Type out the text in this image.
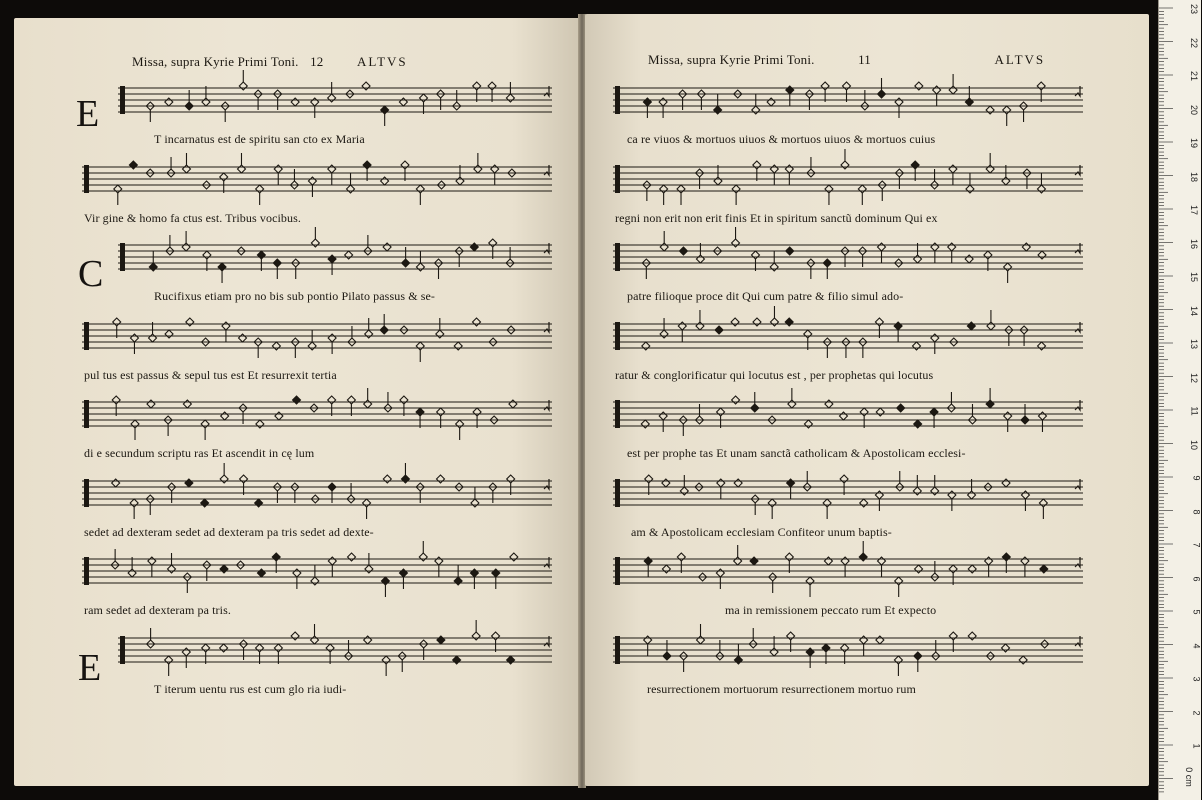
Missa, supra Kyrie Primi Toni. 12	ALTVS
T incarnatus est de spiritu san cto ex Maria
Vir gine & homo fa ctus est. Tribus vocibus.
Rucifixus etiam pro no bis sub pontio Pilato passus & se-
pul tus est passus & sepul tus est Et resurrexit tertia
di e secundum scriptu ras Et ascendit in cę lum
sedet ad dexteram sedet ad dexteram pa tris sedet ad dexte-
ram sedet ad dexteram pa tris.
T iterum uentu rus est cum glo ria iudi-
E
C
E
Missa, supra Kyrie Primi Toni.	11	ALTVS
ca re viuos & mortuos uiuos & mortuos uiuos & mortuos cuius
regni non erit non erit finis Et in spiritum sanctũ dominum Qui ex
patre filioque proce dit Qui cum patre & filio simul ado-
ratur & conglorificatur qui locutus est , per prophetas qui locutus
est per prophe tas Et unam sanctã catholicam & Apostolicam ecclesi-
am & Apostolicam ecclesiam Confiteor unum baptis-
ma in remissionem peccato rum Et expecto
resurrectionem mortuorum resurrectionem mortuo rum
23
22
21
20
19
18
17
16
15
14
13
12
11
10
9
8
7
6
5
4
3
2
1
0 cm
